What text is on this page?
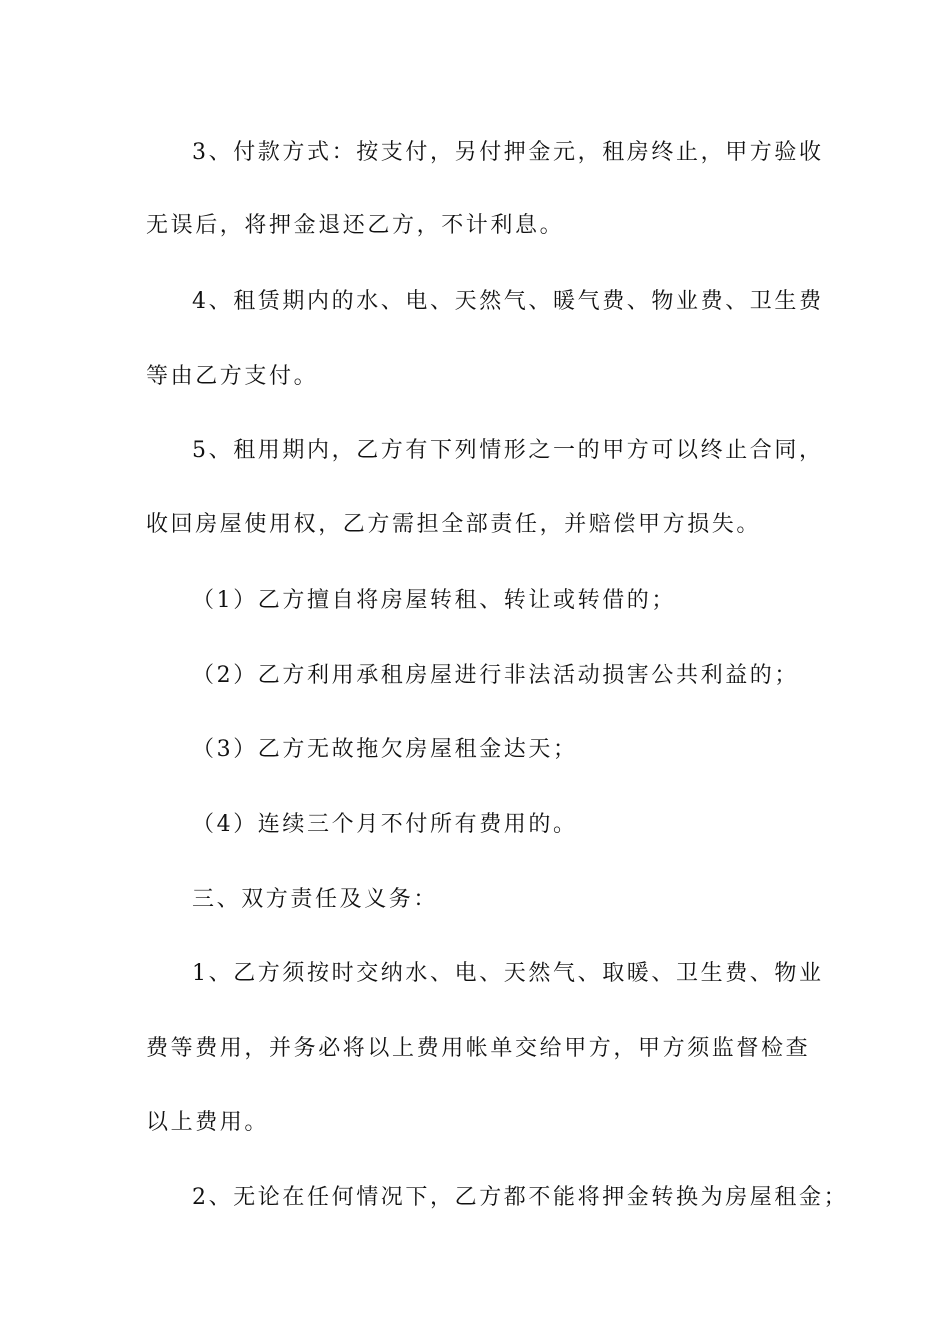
3、付款方式：按支付，另付押金元，租房终止，甲方验收
无误后，将押金退还乙方，不计利息。
4、租赁期内的水、电、天然气、暖气费、物业费、卫生费
等由乙方支付。
5、租用期内，乙方有下列情形之一的甲方可以终止合同，
收回房屋使用权，乙方需担全部责任，并赔偿甲方损失。
（1）乙方擅自将房屋转租、转让或转借的；
（2）乙方利用承租房屋进行非法活动损害公共利益的；
（3）乙方无故拖欠房屋租金达天；
（4）连续三个月不付所有费用的。
三、双方责任及义务：
1、乙方须按时交纳水、电、天然气、取暖、卫生费、物业
费等费用，并务必将以上费用帐单交给甲方，甲方须监督检查
以上费用。
2、无论在任何情况下，乙方都不能将押金转换为房屋租金；
